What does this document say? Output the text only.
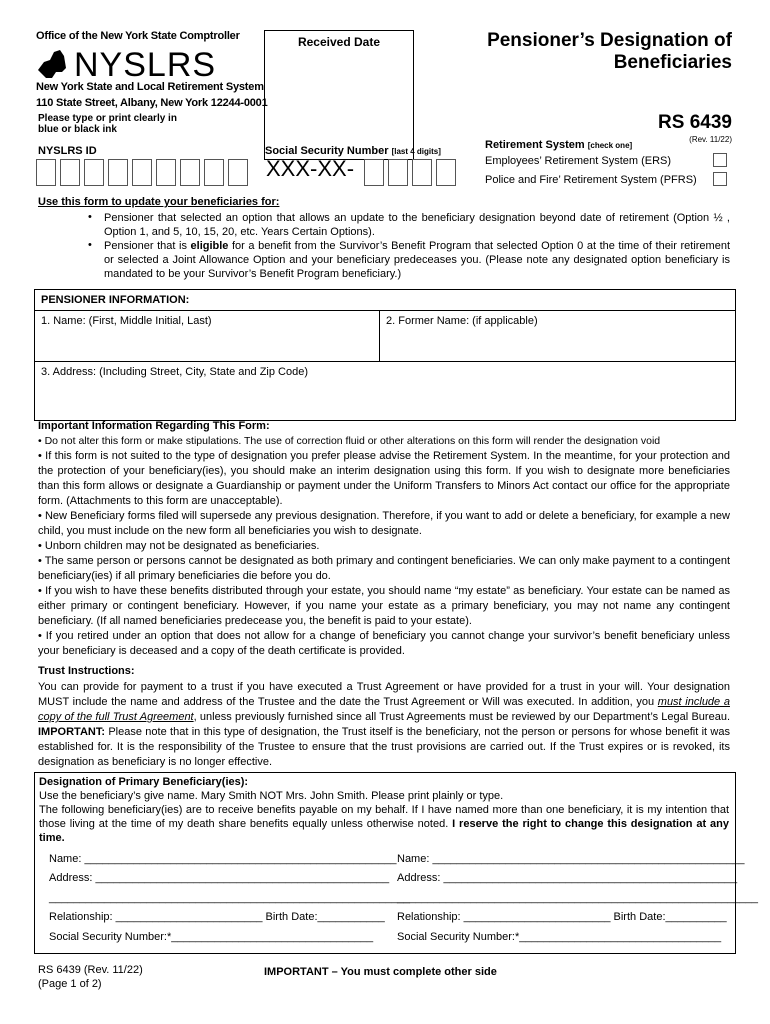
Office of the New York State Comptroller
NYSLRS
New York State and Local Retirement System
110 State Street, Albany, New York 12244-0001
Please type or print clearly in blue or black ink
Received Date	Pensioner’s Designation of
Beneficiaries
RS 6439
(Rev. 11/22)
NYSLRS ID	Social Security Number [last 4 digits]
XXX-XX-
Retirement System [check one]
Employees’ Retirement System (ERS)
Police and Fire’ Retirement System (PFRS)
Use this form to update your beneficiaries for:
• Pensioner that selected an option that allows an update to the beneficiary designation beyond date of retirement (Option ½ , Option 1, and 5, 10, 15, 20, etc. Years Certain Options).
• Pensioner that is eligible for a benefit from the Survivor’s Benefit Program that selected Option 0 at the time of their retirement or selected a Joint Allowance Option and your beneficiary predeceases you. (Please note any designated option beneficiary is mandated to be your Survivor’s Benefit Program beneficiary.)
PENSIONER INFORMATION:
1. Name: (First, Middle Initial, Last)	2. Former Name: (if applicable)
3. Address: (Including Street, City, State and Zip Code)
Important Information Regarding This Form:

• Do not alter this form or make stipulations. The use of correction fluid or other alterations on this form will render the designation void

• If this form is not suited to the type of designation you prefer please advise the Retirement System. In the meantime, for your protection and the protection of your beneficiary(ies), you should make an interim designation using this form. If you wish to designate more beneficiaries than this form allows or designate a Guardianship or payment under the Uniform Transfers to Minors Act contact our office for the appropriate form. (Attachments to this form are unacceptable).

• New Beneficiary forms filed will supersede any previous designation. Therefore, if you want to add or delete a beneficiary, for example a new child, you must include on the new form all beneficiaries you wish to designate.

• Unborn children may not be designated as beneficiaries.

• The same person or persons cannot be designated as both primary and contingent beneficiaries. We can only make payment to a contingent beneficiary(ies) if all primary beneficiaries die before you do.

• If you wish to have these benefits distributed through your estate, you should name “my estate” as beneficiary. Your estate can be named as either primary or contingent beneficiary. However, if you name your estate as a primary beneficiary, you may not name any contingent beneficiary. (If all named beneficiaries predecease you, the benefit is paid to your estate).

• If you retired under an option that does not allow for a change of beneficiary you cannot change your survivor’s benefit beneficiary unless your beneficiary is deceased and a copy of the death certificate is provided.

Trust Instructions:
You can provide for payment to a trust if you have executed a Trust Agreement or have provided for a trust in your will. Your designation MUST include the name and address of the Trustee and the date the Trust Agreement or Will was executed. In addition, you must include a copy of the full Trust Agreement, unless previously furnished since all Trust Agreements must be reviewed by our Department’s Legal Bureau. IMPORTANT: Please note that in this type of designation, the Trust itself is the beneficiary, not the person or persons for whose benefit it was established for. It is the responsibility of the Trustee to ensure that the trust provisions are carried out. If the Trust expires or is revoked, its designation as beneficiary is no longer effective.
Designation of Primary Beneficiary(ies):
Use the beneficiary’s give name. Mary Smith NOT Mrs. John Smith. Please print plainly or type.
The following beneficiary(ies) are to receive benefits payable on my behalf. If I have named more than one beneficiary, it is my intention that those living at the time of my death share benefits equally unless otherwise noted. I reserve the right to change this designation at any time.
Name: ___________________________________________________
Address: ________________________________________________
___________________________________________________________
Relationship: ________________________ Birth Date:___________
Social Security Number:*_________________________________
Name: ___________________________________________________
Address: ________________________________________________
___________________________________________________________
Relationship: ________________________ Birth Date:__________
Social Security Number:*_________________________________
RS 6439 (Rev. 11/22)
(Page 1 of 2)
IMPORTANT – You must complete other side
